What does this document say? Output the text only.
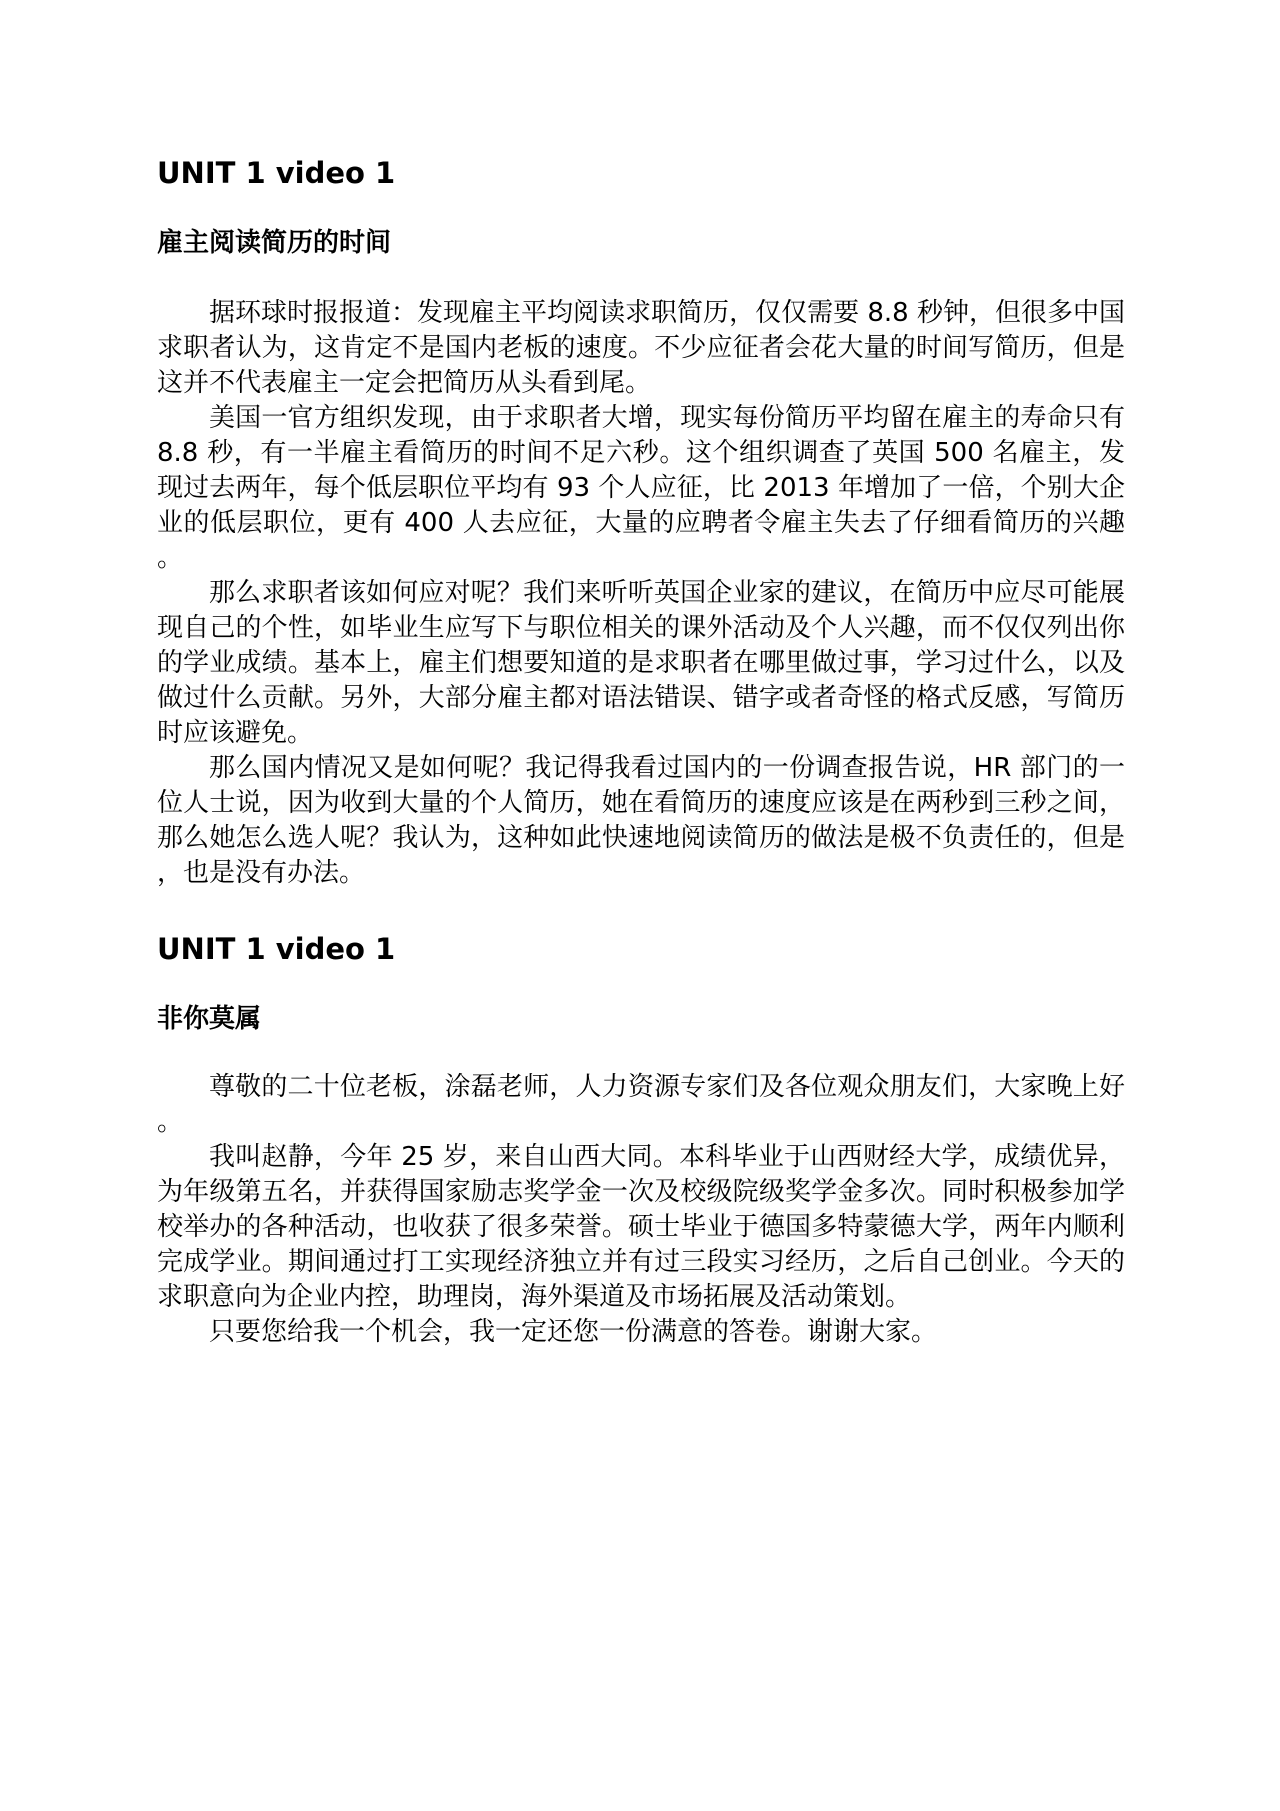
UNIT 1 video 1
雇主阅读简历的时间

据环球时报报道：发现雇主平均阅读求职简历，仅仅需要 8.8 秒钟，但很多中国求职者认为，这肯定不是国内老板的速度。不少应征者会花大量的时间写简历，但是这并不代表雇主一定会把简历从头看到尾。

美国一官方组织发现，由于求职者大增，现实每份简历平均留在雇主的寿命只有 8.8 秒，有一半雇主看简历的时间不足六秒。这个组织调查了英国 500 名雇主，发现过去两年，每个低层职位平均有 93 个人应征，比 2013 年增加了一倍，个别大企业的低层职位，更有 400 人去应征，大量的应聘者令雇主失去了仔细看简历的兴趣。

那么求职者该如何应对呢？我们来听听英国企业家的建议，在简历中应尽可能展现自己的个性，如毕业生应写下与职位相关的课外活动及个人兴趣，而不仅仅列出你的学业成绩。基本上，雇主们想要知道的是求职者在哪里做过事，学习过什么，以及做过什么贡献。另外，大部分雇主都对语法错误、错字或者奇怪的格式反感，写简历时应该避免。

那么国内情况又是如何呢？我记得我看过国内的一份调查报告说，HR 部门的一位人士说，因为收到大量的个人简历，她在看简历的速度应该是在两秒到三秒之间，那么她怎么选人呢？我认为，这种如此快速地阅读简历的做法是极不负责任的，但是，也是没有办法。

UNIT 1 video 1
非你莫属

尊敬的二十位老板，涂磊老师，人力资源专家们及各位观众朋友们，大家晚上好。

我叫赵静，今年 25 岁，来自山西大同。本科毕业于山西财经大学，成绩优异，为年级第五名，并获得国家励志奖学金一次及校级院级奖学金多次。同时积极参加学校举办的各种活动，也收获了很多荣誉。硕士毕业于德国多特蒙德大学，两年内顺利完成学业。期间通过打工实现经济独立并有过三段实习经历，之后自己创业。今天的求职意向为企业内控，助理岗，海外渠道及市场拓展及活动策划。

只要您给我一个机会，我一定还您一份满意的答卷。谢谢大家。
